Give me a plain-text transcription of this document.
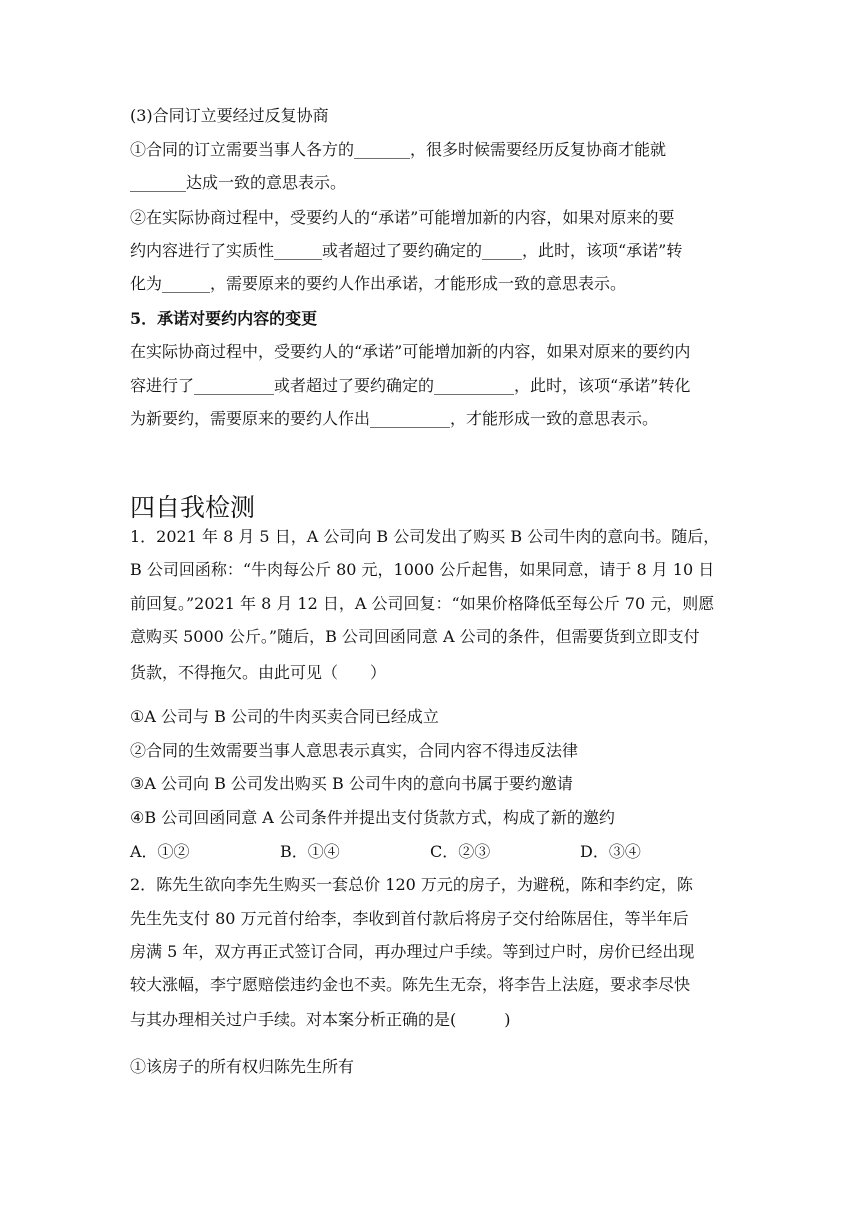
(3)合同订立要经过反复协商
①合同的订立需要当事人各方的_______，很多时候需要经历反复协商才能就
_______达成一致的意思表示。
②在实际协商过程中，受要约人的“承诺”可能增加新的内容，如果对原来的要
约内容进行了实质性______或者超过了要约确定的_____，此时，该项“承诺”转
化为______，需要原来的要约人作出承诺，才能形成一致的意思表示。
5．承诺对要约内容的变更
在实际协商过程中，受要约人的“承诺”可能增加新的内容，如果对原来的要约内
容进行了__________或者超过了要约确定的__________，此时，该项“承诺”转化
为新要约，需要原来的要约人作出__________，才能形成一致的意思表示。
四自我检测
1．2021 年 8 月 5 日，A 公司向 B 公司发出了购买 B 公司牛肉的意向书。随后，
B 公司回函称：“牛肉每公斤 80 元，1000 公斤起售，如果同意，请于 8 月 10 日
前回复。”2021 年 8 月 12 日，A 公司回复：“如果价格降低至每公斤 70 元，则愿
意购买 5000 公斤。”随后，B 公司回函同意 A 公司的条件，但需要货到立即支付
货款，不得拖欠。由此可见（　　）
①A 公司与 B 公司的牛肉买卖合同已经成立
②合同的生效需要当事人意思表示真实，合同内容不得违反法律
③A 公司向 B 公司发出购买 B 公司牛肉的意向书属于要约邀请
④B 公司回函同意 A 公司条件并提出支付货款方式，构成了新的邀约
A．①②	B．①④	C．②③	D．③④
2．陈先生欲向李先生购买一套总价 120 万元的房子，为避税，陈和李约定，陈
先生先支付 80 万元首付给李，李收到首付款后将房子交付给陈居住，等半年后
房满 5 年，双方再正式签订合同，再办理过户手续。等到过户时，房价已经出现
较大涨幅，李宁愿赔偿违约金也不卖。陈先生无奈，将李告上法庭，要求李尽快
与其办理相关过户手续。对本案分析正确的是(　　　)
①该房子的所有权归陈先生所有
